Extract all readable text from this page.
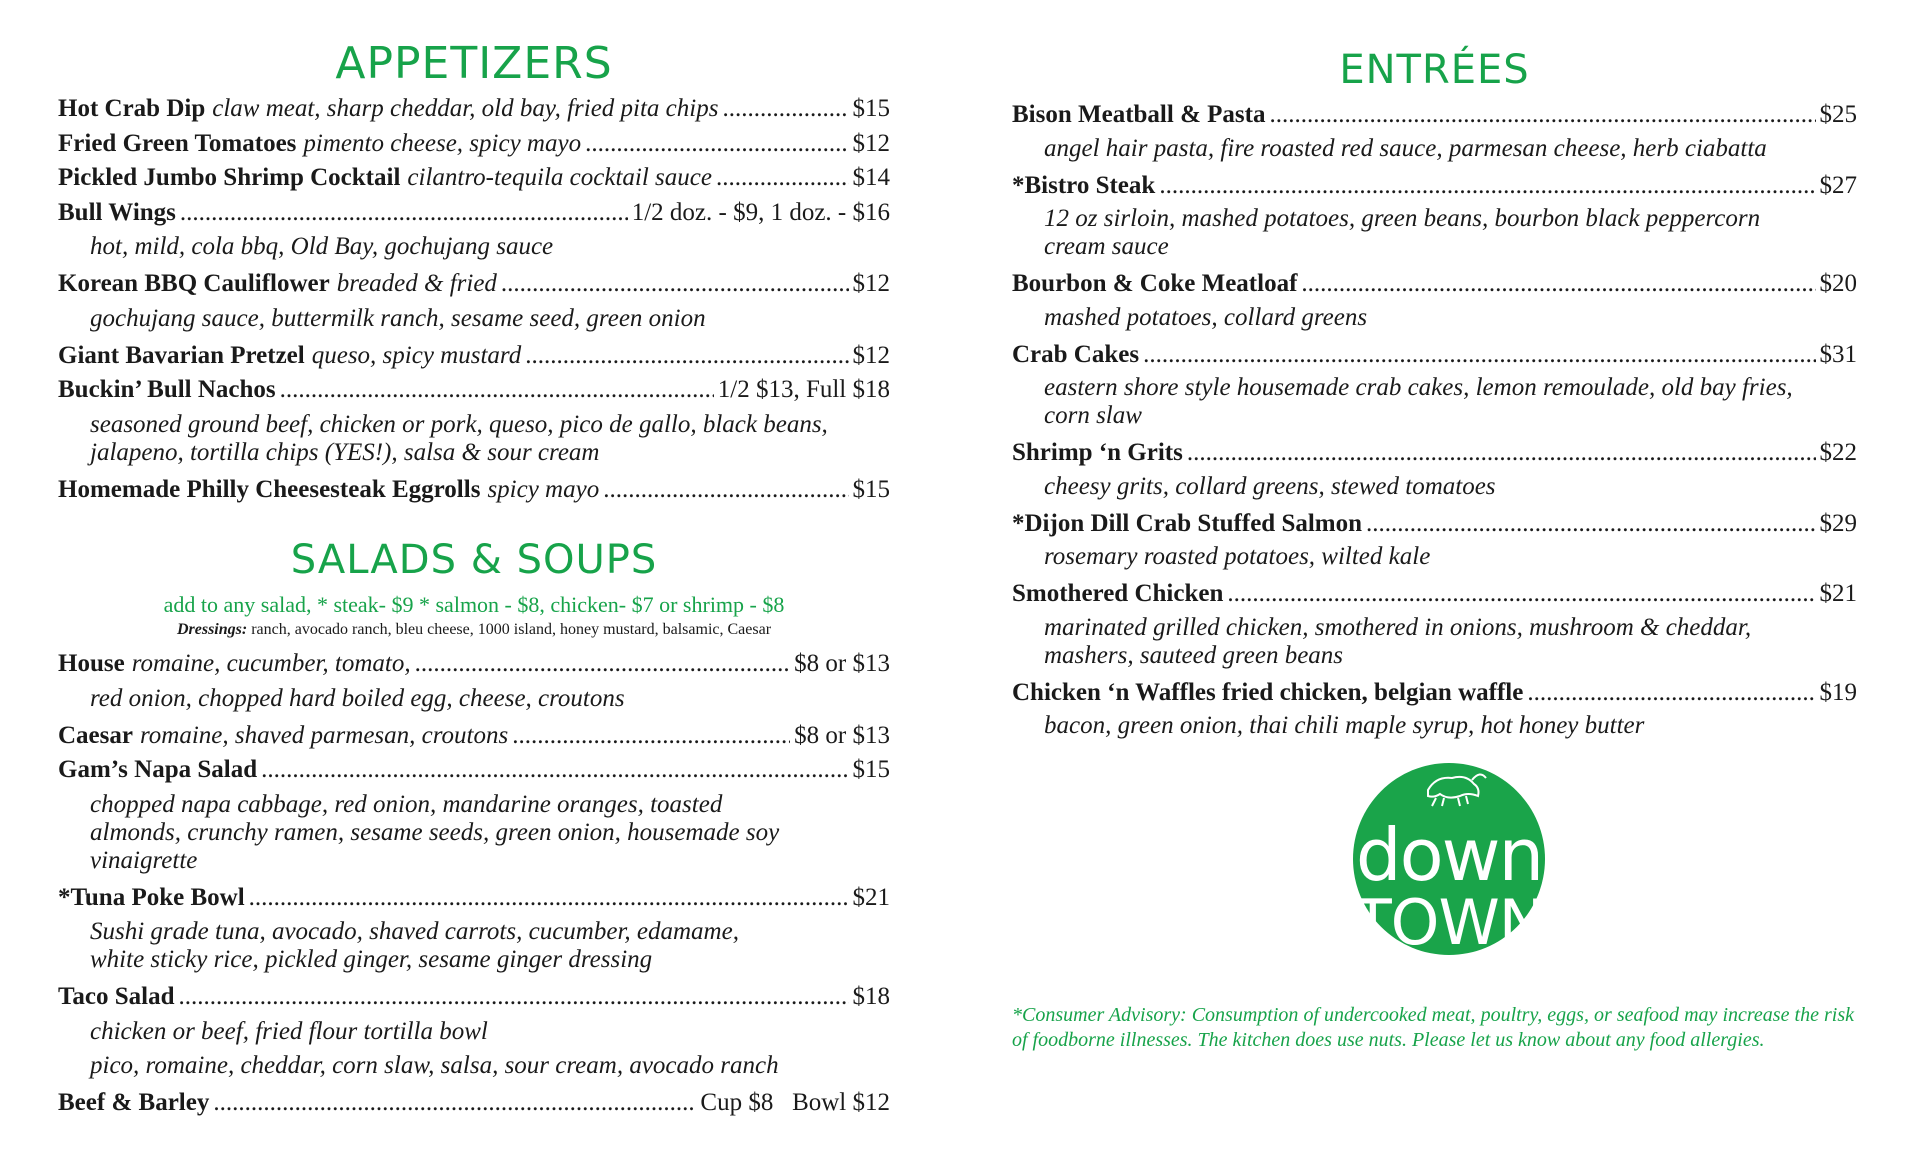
APPETIZERS
Hot Crab Dip claw meat, sharp cheddar, old bay, fried pita chips .....	$15
Fried Green Tomatoes pimento cheese, spicy mayo .....	$12
Pickled Jumbo Shrimp Cocktail cilantro-tequila cocktail sauce .....	$14
Bull Wings .....	1/2 doz. - $9, 1 doz. - $16
hot, mild, cola bbq, Old Bay, gochujang sauce
Korean BBQ Cauliflower breaded & fried .....	$12
gochujang sauce, buttermilk ranch, sesame seed, green onion
Giant Bavarian Pretzel queso, spicy mustard .....	$12
Buckin’ Bull Nachos .....	1/2 $13, Full $18
seasoned ground beef, chicken or pork, queso, pico de gallo, black beans, jalapeno, tortilla chips (YES!), salsa & sour cream
Homemade Philly Cheesesteak Eggrolls spicy mayo .....	$15
SALADS & SOUPS
add to any salad, * steak- $9 * salmon - $8, chicken- $7 or shrimp - $8
Dressings: ranch, avocado ranch, bleu cheese, 1000 island, honey mustard, balsamic, Caesar
House romaine, cucumber, tomato, .....	$8 or $13
red onion, chopped hard boiled egg, cheese, croutons
Caesar romaine, shaved parmesan, croutons .....	$8 or $13
Gam’s Napa Salad .....	$15
chopped napa cabbage, red onion, mandarine oranges, toasted almonds, crunchy ramen, sesame seeds, green onion, housemade soy vinaigrette
*Tuna Poke Bowl .....	$21
Sushi grade tuna, avocado, shaved carrots, cucumber, edamame, white sticky rice, pickled ginger, sesame ginger dressing
Taco Salad .....	$18
chicken or beef, fried flour tortilla bowl
pico, romaine, cheddar, corn slaw, salsa, sour cream, avocado ranch
Beef & Barley .....	Cup $8   Bowl $12
ENTRÉES
Bison Meatball & Pasta .....	$25
angel hair pasta, fire roasted red sauce, parmesan cheese, herb ciabatta
*Bistro Steak .....	$27
12 oz sirloin, mashed potatoes, green beans, bourbon black peppercorn cream sauce
Bourbon & Coke Meatloaf .....	$20
mashed potatoes, collard greens
Crab Cakes .....	$31
eastern shore style housemade crab cakes, lemon remoulade, old bay fries, corn slaw
Shrimp ‘n Grits .....	$22
cheesy grits, collard greens, stewed tomatoes
*Dijon Dill Crab Stuffed Salmon .....	$29
rosemary roasted potatoes, wilted kale
Smothered Chicken .....	$21
marinated grilled chicken, smothered in onions, mushroom & cheddar, mashers, sauteed green beans
Chicken ‘n Waffles fried chicken, belgian waffle .....	$19
bacon, green onion, thai chili maple syrup, hot honey butter
down
TOWN
*Consumer Advisory: Consumption of undercooked meat, poultry, eggs, or seafood may increase the risk of foodborne illnesses. The kitchen does use nuts. Please let us know about any food allergies.
